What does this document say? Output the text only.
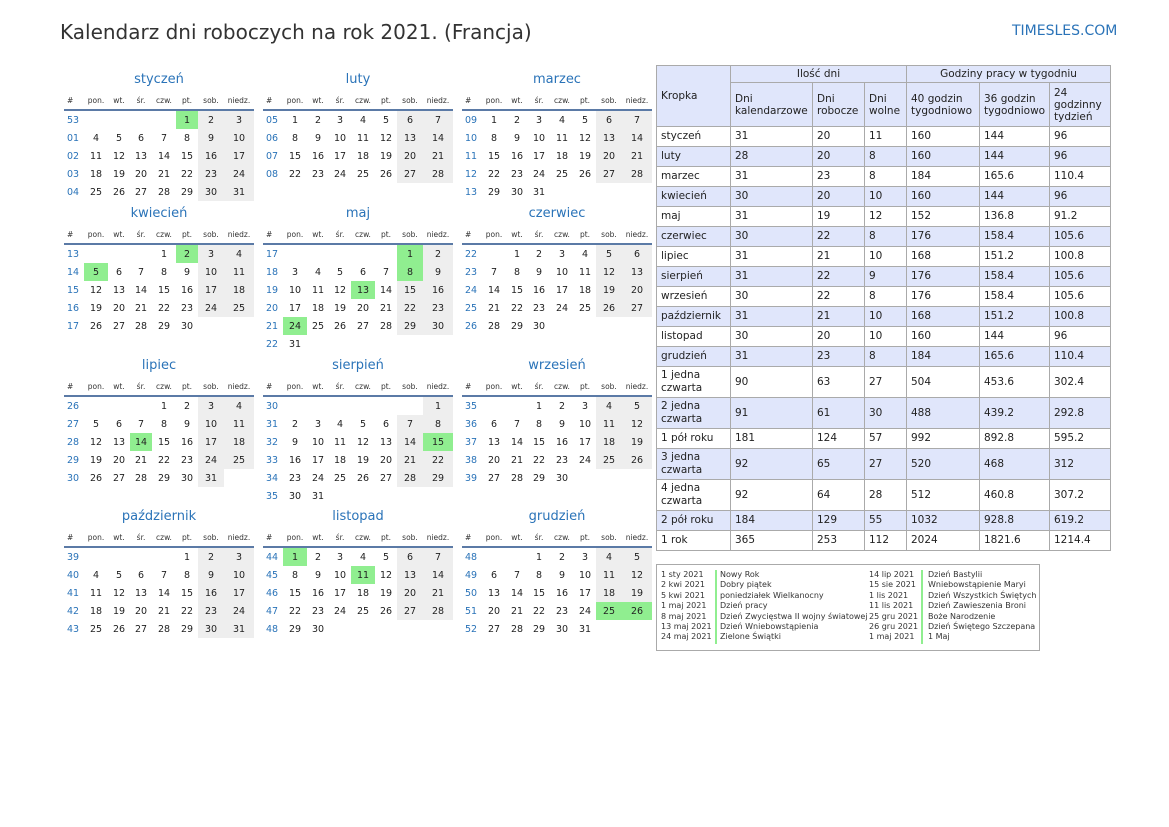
Kalendarz dni roboczych na rok 2021. (Francja)	TIMESLES.COM
styczeń
#	pon.	wt.	śr.	czw.	pt.	sob.	niedz.
53					1	2	3
01	4	5	6	7	8	9	10
02	11	12	13	14	15	16	17
03	18	19	20	21	22	23	24
04	25	26	27	28	29	30	31
luty
#	pon.	wt.	śr.	czw.	pt.	sob.	niedz.
05	1	2	3	4	5	6	7
06	8	9	10	11	12	13	14
07	15	16	17	18	19	20	21
08	22	23	24	25	26	27	28
marzec
#	pon.	wt.	śr.	czw.	pt.	sob.	niedz.
09	1	2	3	4	5	6	7
10	8	9	10	11	12	13	14
11	15	16	17	18	19	20	21
12	22	23	24	25	26	27	28
13	29	30	31				
kwiecień
#	pon.	wt.	śr.	czw.	pt.	sob.	niedz.
13				1	2	3	4
14	5	6	7	8	9	10	11
15	12	13	14	15	16	17	18
16	19	20	21	22	23	24	25
17	26	27	28	29	30		
maj
#	pon.	wt.	śr.	czw.	pt.	sob.	niedz.
17						1	2
18	3	4	5	6	7	8	9
19	10	11	12	13	14	15	16
20	17	18	19	20	21	22	23
21	24	25	26	27	28	29	30
22	31						
czerwiec
#	pon.	wt.	śr.	czw.	pt.	sob.	niedz.
22		1	2	3	4	5	6
23	7	8	9	10	11	12	13
24	14	15	16	17	18	19	20
25	21	22	23	24	25	26	27
26	28	29	30				
lipiec
#	pon.	wt.	śr.	czw.	pt.	sob.	niedz.
26				1	2	3	4
27	5	6	7	8	9	10	11
28	12	13	14	15	16	17	18
29	19	20	21	22	23	24	25
30	26	27	28	29	30	31	
sierpień
#	pon.	wt.	śr.	czw.	pt.	sob.	niedz.
30							1
31	2	3	4	5	6	7	8
32	9	10	11	12	13	14	15
33	16	17	18	19	20	21	22
34	23	24	25	26	27	28	29
35	30	31					
wrzesień
#	pon.	wt.	śr.	czw.	pt.	sob.	niedz.
35			1	2	3	4	5
36	6	7	8	9	10	11	12
37	13	14	15	16	17	18	19
38	20	21	22	23	24	25	26
39	27	28	29	30			
październik
#	pon.	wt.	śr.	czw.	pt.	sob.	niedz.
39					1	2	3
40	4	5	6	7	8	9	10
41	11	12	13	14	15	16	17
42	18	19	20	21	22	23	24
43	25	26	27	28	29	30	31
listopad
#	pon.	wt.	śr.	czw.	pt.	sob.	niedz.
44	1	2	3	4	5	6	7
45	8	9	10	11	12	13	14
46	15	16	17	18	19	20	21
47	22	23	24	25	26	27	28
48	29	30					
grudzień
#	pon.	wt.	śr.	czw.	pt.	sob.	niedz.
48			1	2	3	4	5
49	6	7	8	9	10	11	12
50	13	14	15	16	17	18	19
51	20	21	22	23	24	25	26
52	27	28	29	30	31		
Kropka	Ilość dni			Godziny pracy w tygodniu		
	Dni kalendarzowe	Dni robocze	Dni wolne	40 godzin tygodniowo	36 godzin tygodniowo	24 godzinny tydzień
styczeń	31	20	11	160	144	96
luty	28	20	8	160	144	96
marzec	31	23	8	184	165.6	110.4
kwiecień	30	20	10	160	144	96
maj	31	19	12	152	136.8	91.2
czerwiec	30	22	8	176	158.4	105.6
lipiec	31	21	10	168	151.2	100.8
sierpień	31	22	9	176	158.4	105.6
wrzesień	30	22	8	176	158.4	105.6
październik	31	21	10	168	151.2	100.8
listopad	30	20	10	160	144	96
grudzień	31	23	8	184	165.6	110.4
1 jedna czwarta	90	63	27	504	453.6	302.4
2 jedna czwarta	91	61	30	488	439.2	292.8
1 pół roku	181	124	57	992	892.8	595.2
3 jedna czwarta	92	65	27	520	468	312
4 jedna czwarta	92	64	28	512	460.8	307.2
2 pół roku	184	129	55	1032	928.8	619.2
1 rok	365	253	112	2024	1821.6	1214.4
1 sty 2021	Nowy Rok
2 kwi 2021	Dobry piątek
5 kwi 2021	poniedziałek Wielkanocny
1 maj 2021	Dzień pracy
8 maj 2021	Dzień Zwycięstwa II wojny światowej
13 maj 2021	Dzień Wniebowstąpienia
24 maj 2021	Zielone Świątki
14 lip 2021	Dzień Bastylii
15 sie 2021	Wniebowstąpienie Maryi
1 lis 2021	Dzień Wszystkich Świętych
11 lis 2021	Dzień Zawieszenia Broni
25 gru 2021	Boże Narodzenie
26 gru 2021	Dzień Świętego Szczepana
1 maj 2021	1 Maj
